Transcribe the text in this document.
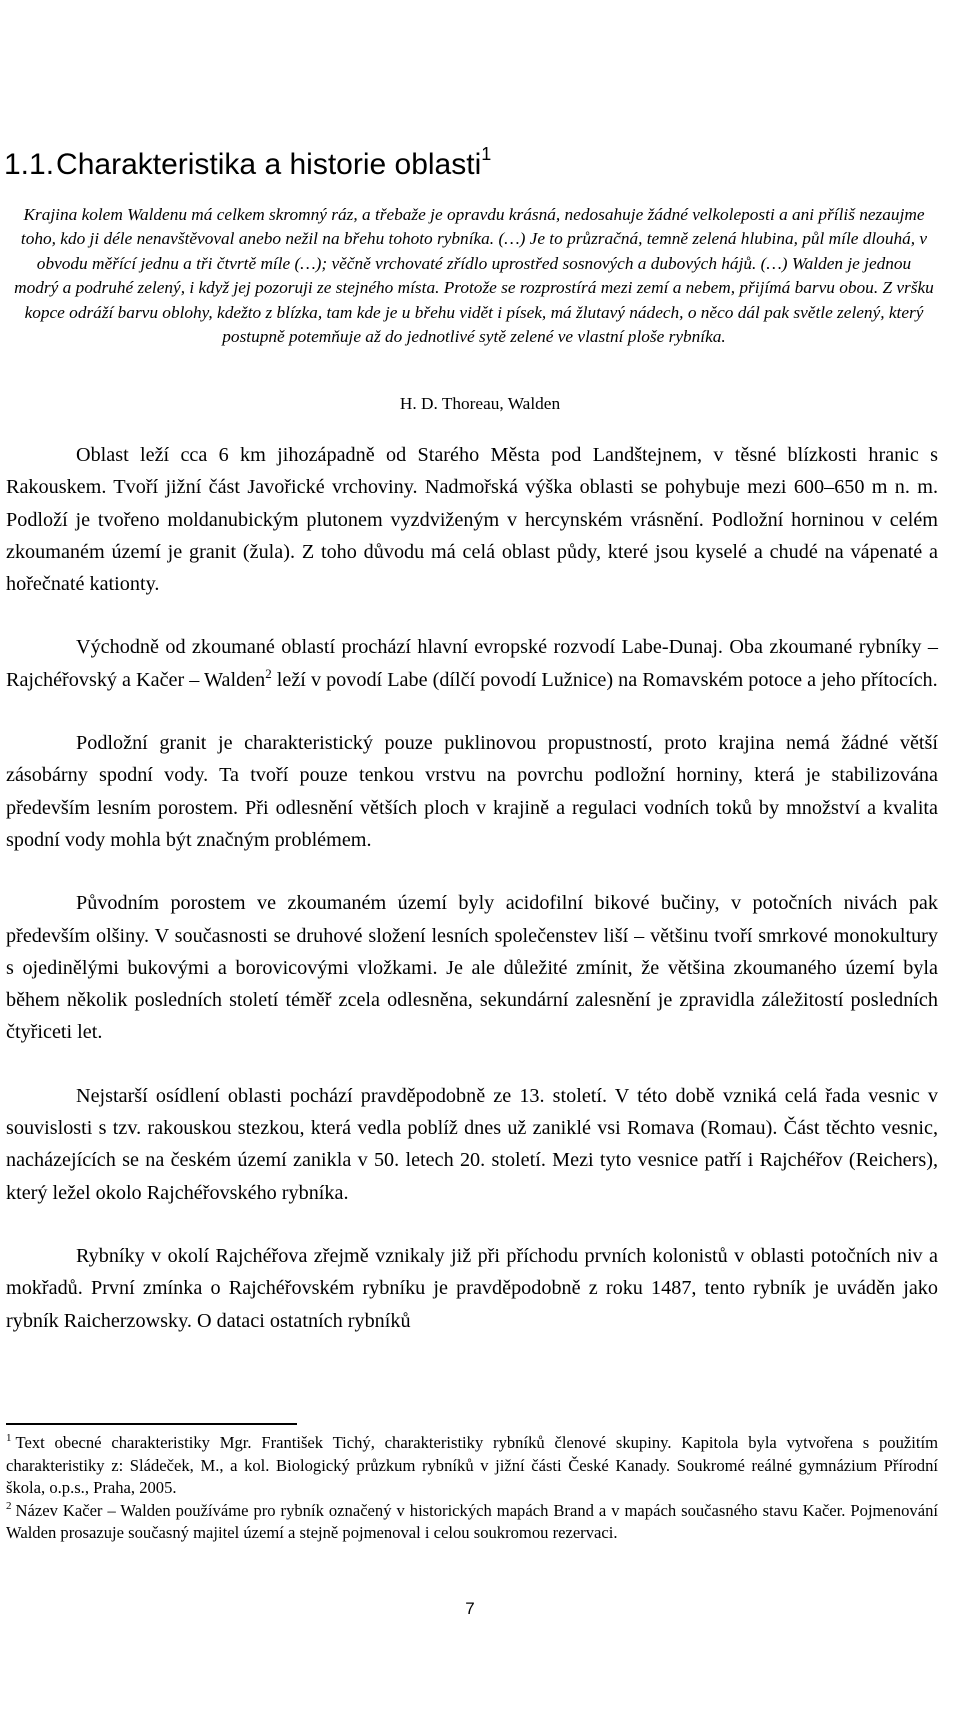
1.1.Charakteristika a historie oblasti$^1$

Krajina kolem Waldenu má celkem skromný ráz, a třebaže je opravdu krásná, nedosahuje žádné velkoleposti a ani příliš nezaujme toho, kdo ji déle nenavštěvoval anebo nežil na břehu tohoto rybníka. (…) Je to průzračná, temně zelená hlubina, půl míle dlouhá, v obvodu měřící jednu a tři čtvrtě míle (…); věčně vrchovaté zřídlo uprostřed sosnových a dubových hájů. (…) Walden je jednou modrý a podruhé zelený, i když jej pozoruji ze stejného místa. Protože se rozprostírá mezi zemí a nebem, přijímá barvu obou. Z vršku kopce odráží barvu oblohy, kdežto z blízka, tam kde je u břehu vidět i písek, má žlutavý nádech, o něco dál pak světle zelený, který postupně potemňuje až do jednotlivé sytě zelené ve vlastní ploše rybníka.

H. D. Thoreau, Walden

Oblast leží cca 6 km jihozápadně od Starého Města pod Landštejnem, v těsné blízkosti hranic s Rakouskem. Tvoří jižní část Javořické vrchoviny. Nadmořská výška oblasti se pohybuje mezi 600–650 m n. m. Podloží je tvořeno moldanubickým plutonem vyzdviženým v hercynském vrásnění. Podložní horninou v celém zkoumaném území je granit (žula). Z toho důvodu má celá oblast půdy, které jsou kyselé a chudé na vápenaté a hořečnaté kationty.

Východně od zkoumané oblastí prochází hlavní evropské rozvodí Labe-Dunaj. Oba zkoumané rybníky – Rajchéřovský a Kačer – Walden$^2$ leží v povodí Labe (dílčí povodí Lužnice) na Romavském potoce a jeho přítocích.

Podložní granit je charakteristický pouze puklinovou propustností, proto krajina nemá žádné větší zásobárny spodní vody. Ta tvoří pouze tenkou vrstvu na povrchu podložní horniny, která je stabilizována především lesním porostem. Při odlesnění větších ploch v krajině a regulaci vodních toků by množství a kvalita spodní vody mohla být značným problémem.

Původním porostem ve zkoumaném území byly acidofilní bikové bučiny, v potočních nivách pak především olšiny. V současnosti se druhové složení lesních společenstev liší – většinu tvoří smrkové monokultury s ojedinělými bukovými a borovicovými vložkami. Je ale důležité zmínit, že většina zkoumaného území byla během několik posledních století téměř zcela odlesněna, sekundární zalesnění je zpravidla záležitostí posledních čtyřiceti let.

Nejstarší osídlení oblasti pochází pravděpodobně ze 13. století. V této době vzniká celá řada vesnic v souvislosti s tzv. rakouskou stezkou, která vedla poblíž dnes už zaniklé vsi Romava (Romau). Část těchto vesnic, nacházejících se na českém území zanikla v 50. letech 20. století. Mezi tyto vesnice patří i Rajchéřov (Reichers), který ležel okolo Rajchéřovského rybníka.

Rybníky v okolí Rajchéřova zřejmě vznikaly již při příchodu prvních kolonistů v oblasti potočních niv a mokřadů. První zmínka o Rajchéřovském rybníku je pravděpodobně z roku 1487, tento rybník je uváděn jako rybník Raicherzowsky. O dataci ostatních rybníků

$^1$ Text obecné charakteristiky Mgr. František Tichý, charakteristiky rybníků členové skupiny. Kapitola byla vytvořena s použitím charakteristiky z: Sládeček, M., a kol. Biologický průzkum rybníků v jižní části České Kanady. Soukromé reálné gymnázium Přírodní škola, o.p.s., Praha, 2005.

$^2$ Název Kačer – Walden používáme pro rybník označený v historických mapách Brand a v mapách současného stavu Kačer. Pojmenování Walden prosazuje současný majitel území a stejně pojmenoval i celou soukromou rezervaci.

7
